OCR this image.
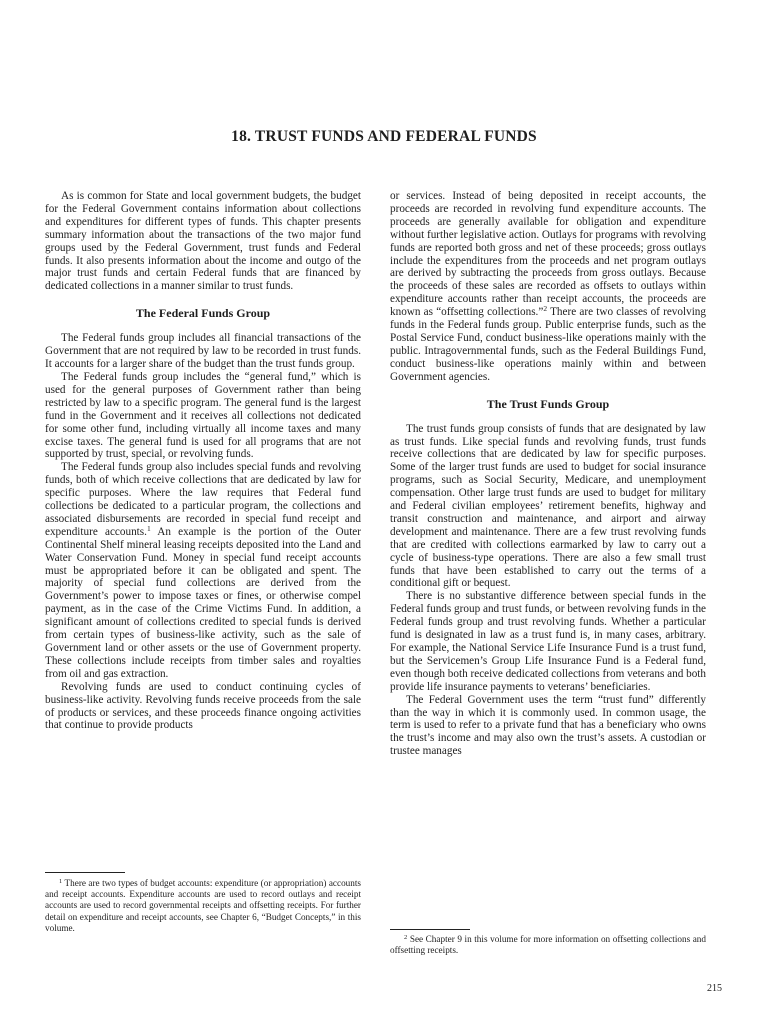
18. TRUST FUNDS AND FEDERAL FUNDS

As is common for State and local government budgets, the budget for the Federal Government contains information about collections and expenditures for different types of funds. This chapter presents summary information about the transactions of the two major fund groups used by the Federal Government, trust funds and Federal funds. It also presents information about the income and outgo of the major trust funds and certain Federal funds that are financed by dedicated collections in a manner similar to trust funds.

The Federal Funds Group

The Federal funds group includes all financial transactions of the Government that are not required by law to be recorded in trust funds. It accounts for a larger share of the budget than the trust funds group.

The Federal funds group includes the “general fund,” which is used for the general purposes of Government rather than being restricted by law to a specific program. The general fund is the largest fund in the Government and it receives all collections not dedicated for some other fund, including virtually all income taxes and many excise taxes. The general fund is used for all programs that are not supported by trust, special, or revolving funds.

The Federal funds group also includes special funds and revolving funds, both of which receive collections that are dedicated by law for specific purposes. Where the law requires that Federal fund collections be dedicated to a particular program, the collections and associated disbursements are recorded in special fund receipt and expenditure accounts.$^1$ An example is the portion of the Outer Continental Shelf mineral leasing receipts deposited into the Land and Water Conservation Fund. Money in special fund receipt accounts must be appropriated before it can be obligated and spent. The majority of special fund collections are derived from the Government’s power to impose taxes or fines, or otherwise compel payment, as in the case of the Crime Victims Fund. In addition, a significant amount of collections credited to special funds is derived from certain types of business-like activity, such as the sale of Government land or other assets or the use of Government property. These collections include receipts from timber sales and royalties from oil and gas extraction.

Revolving funds are used to conduct continuing cycles of business-like activity. Revolving funds receive proceeds from the sale of products or services, and these proceeds finance ongoing activities that continue to provide products

$^1$ There are two types of budget accounts: expenditure (or appropriation) accounts and receipt accounts. Expenditure accounts are used to record outlays and receipt accounts are used to record governmental receipts and offsetting receipts. For further detail on expenditure and receipt accounts, see Chapter 6, “Budget Concepts,” in this volume.

or services. Instead of being deposited in receipt accounts, the proceeds are recorded in revolving fund expenditure accounts. The proceeds are generally available for obligation and expenditure without further legislative action. Outlays for programs with revolving funds are reported both gross and net of these proceeds; gross outlays include the expenditures from the proceeds and net program outlays are derived by subtracting the proceeds from gross outlays. Because the proceeds of these sales are recorded as offsets to outlays within expenditure accounts rather than receipt accounts, the proceeds are known as “offsetting collections.”$^2$ There are two classes of revolving funds in the Federal funds group. Public enterprise funds, such as the Postal Service Fund, conduct business-like operations mainly with the public. Intragovernmental funds, such as the Federal Buildings Fund, conduct business-like operations mainly within and between Government agencies.

The Trust Funds Group

The trust funds group consists of funds that are designated by law as trust funds. Like special funds and revolving funds, trust funds receive collections that are dedicated by law for specific purposes. Some of the larger trust funds are used to budget for social insurance programs, such as Social Security, Medicare, and unemployment compensation. Other large trust funds are used to budget for military and Federal civilian employees’ retirement benefits, highway and transit construction and maintenance, and airport and airway development and maintenance. There are a few trust revolving funds that are credited with collections earmarked by law to carry out a cycle of business-type operations. There are also a few small trust funds that have been established to carry out the terms of a conditional gift or bequest.

There is no substantive difference between special funds in the Federal funds group and trust funds, or between revolving funds in the Federal funds group and trust revolving funds. Whether a particular fund is designated in law as a trust fund is, in many cases, arbitrary. For example, the National Service Life Insurance Fund is a trust fund, but the Servicemen’s Group Life Insurance Fund is a Federal fund, even though both receive dedicated collections from veterans and both provide life insurance payments to veterans’ beneficiaries.

The Federal Government uses the term “trust fund” differently than the way in which it is commonly used. In common usage, the term is used to refer to a private fund that has a beneficiary who owns the trust’s income and may also own the trust’s assets. A custodian or trustee manages

$^2$ See Chapter 9 in this volume for more information on offsetting collections and offsetting receipts.

215
